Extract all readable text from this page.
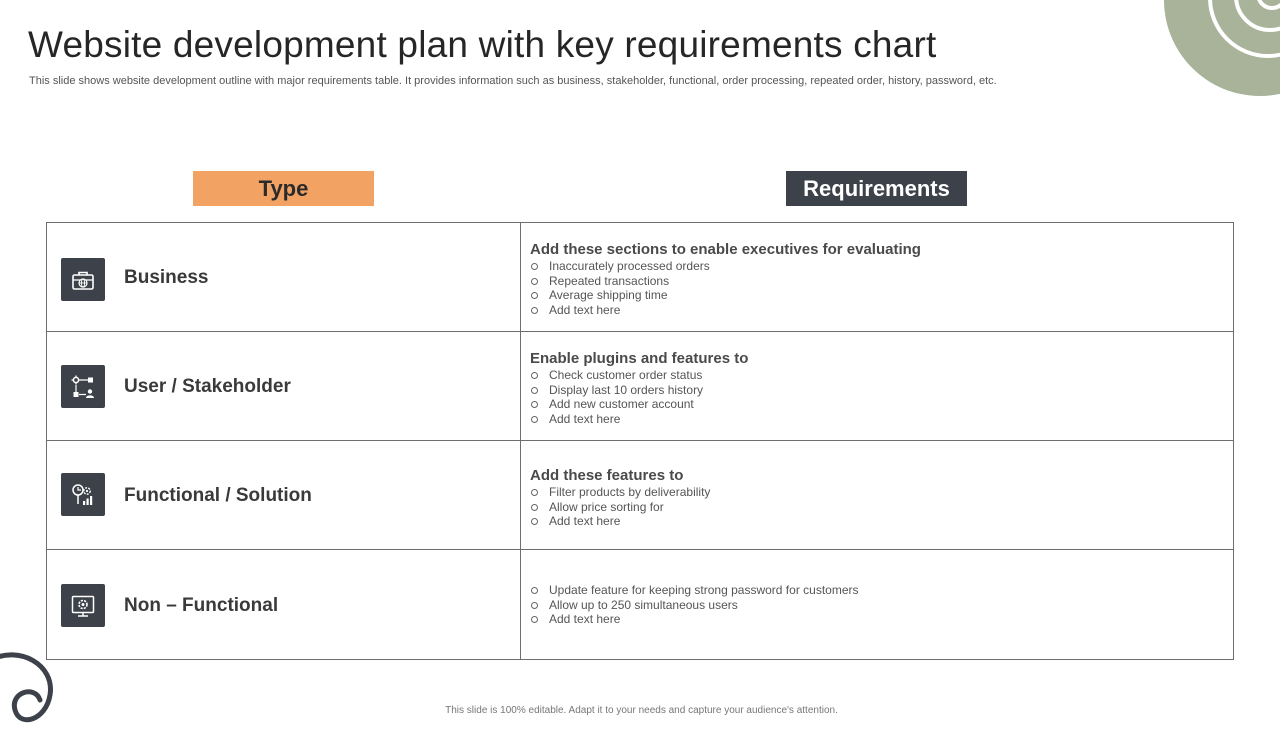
Website development plan with key requirements chart
This slide shows website development outline with major requirements table. It provides information such as business, stakeholder, functional, order processing, repeated order, history, password, etc.
Type	Requirements
Business
Add these sections to enable executives for evaluating
Inaccurately processed orders
Repeated transactions
Average shipping time
Add text here
User / Stakeholder
Enable plugins and features to
Check customer order status
Display last 10 orders history
Add new customer account
Add text here
Functional / Solution
Add these features to
Filter products by deliverability
Allow price sorting for
Add text here
Non – Functional
Update feature for keeping strong password for customers
Allow up to 250 simultaneous users
Add text here
This slide is 100% editable. Adapt it to your needs and capture your audience's attention.
